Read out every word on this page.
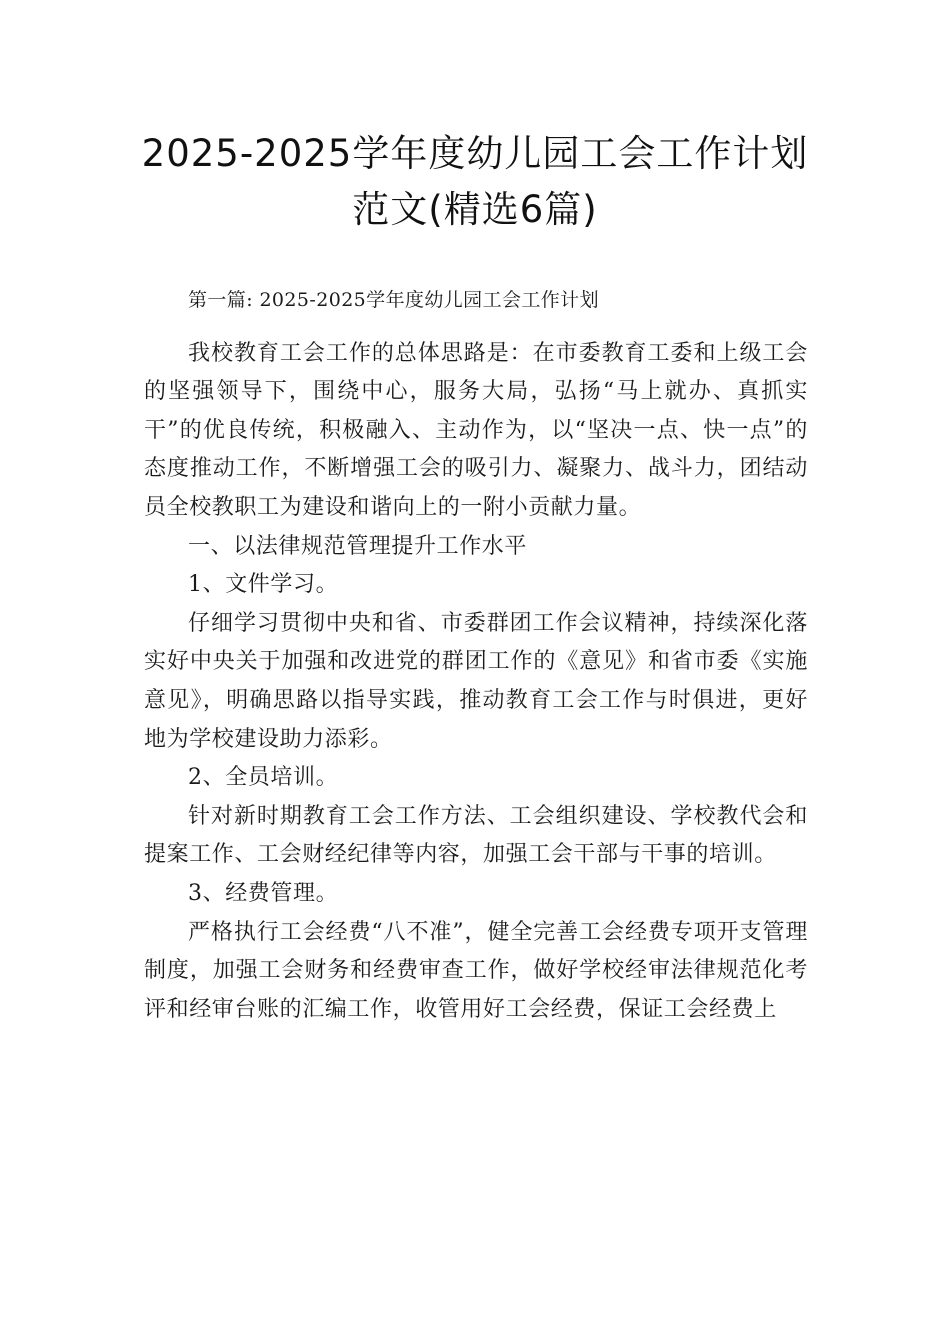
2025-2025学年度幼儿园工会工作计划
范文(精选6篇)

第一篇: 2025-2025学年度幼儿园工会工作计划

我校教育工会工作的总体思路是：在市委教育工委和上级工会的坚强领导下，围绕中心，服务大局，弘扬“马上就办、真抓实干”的优良传统，积极融入、主动作为，以“坚决一点、快一点”的态度推动工作，不断增强工会的吸引力、凝聚力、战斗力，团结动员全校教职工为建设和谐向上的一附小贡献力量。

一、以法律规范管理提升工作水平

1、文件学习。

仔细学习贯彻中央和省、市委群团工作会议精神，持续深化落实好中央关于加强和改进党的群团工作的《意见》和省市委《实施意见》，明确思路以指导实践，推动教育工会工作与时俱进，更好地为学校建设助力添彩。

2、全员培训。

针对新时期教育工会工作方法、工会组织建设、学校教代会和提案工作、工会财经纪律等内容，加强工会干部与干事的培训。

3、经费管理。

严格执行工会经费“八不准”，健全完善工会经费专项开支管理制度，加强工会财务和经费审查工作，做好学校经审法律规范化考评和经审台账的汇编工作，收管用好工会经费，保证工会经费上
